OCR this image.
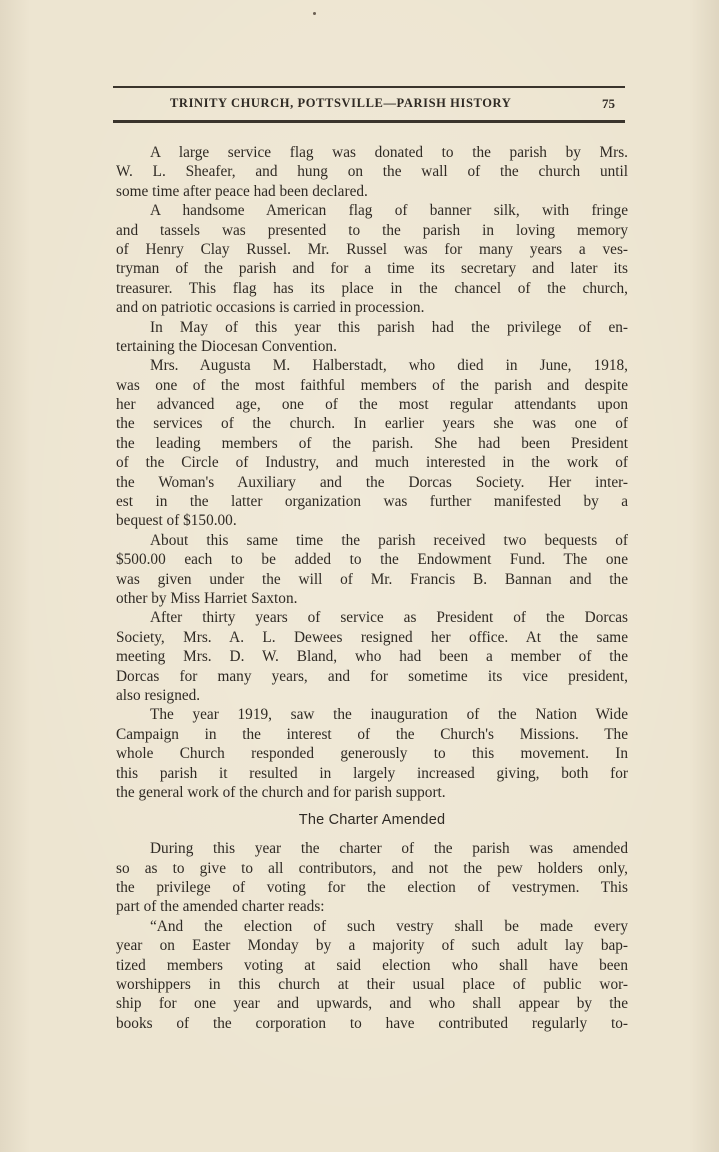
TRINITY CHURCH, POTTSVILLE—PARISH HISTORY	75
A large service flag was donated to the parish by Mrs.
W. L. Sheafer, and hung on the wall of the church until
some time after peace had been declared.
A handsome American flag of banner silk, with fringe
and tassels was presented to the parish in loving memory
of Henry Clay Russel. Mr. Russel was for many years a ves-
tryman of the parish and for a time its secretary and later its
treasurer. This flag has its place in the chancel of the church,
and on patriotic occasions is carried in procession.
In May of this year this parish had the privilege of en-
tertaining the Diocesan Convention.
Mrs. Augusta M. Halberstadt, who died in June, 1918,
was one of the most faithful members of the parish and despite
her advanced age, one of the most regular attendants upon
the services of the church. In earlier years she was one of
the leading members of the parish. She had been President
of the Circle of Industry, and much interested in the work of
the Woman's Auxiliary and the Dorcas Society. Her inter-
est in the latter organization was further manifested by a
bequest of $150.00.
About this same time the parish received two bequests of
$500.00 each to be added to the Endowment Fund. The one
was given under the will of Mr. Francis B. Bannan and the
other by Miss Harriet Saxton.
After thirty years of service as President of the Dorcas
Society, Mrs. A. L. Dewees resigned her office. At the same
meeting Mrs. D. W. Bland, who had been a member of the
Dorcas for many years, and for sometime its vice president,
also resigned.
The year 1919, saw the inauguration of the Nation Wide
Campaign in the interest of the Church's Missions. The
whole Church responded generously to this movement. In
this parish it resulted in largely increased giving, both for
the general work of the church and for parish support.
The Charter Amended
During this year the charter of the parish was amended
so as to give to all contributors, and not the pew holders only,
the privilege of voting for the election of vestrymen. This
part of the amended charter reads:
“And the election of such vestry shall be made every
year on Easter Monday by a majority of such adult lay bap-
tized members voting at said election who shall have been
worshippers in this church at their usual place of public wor-
ship for one year and upwards, and who shall appear by the
books of the corporation to have contributed regularly to-
